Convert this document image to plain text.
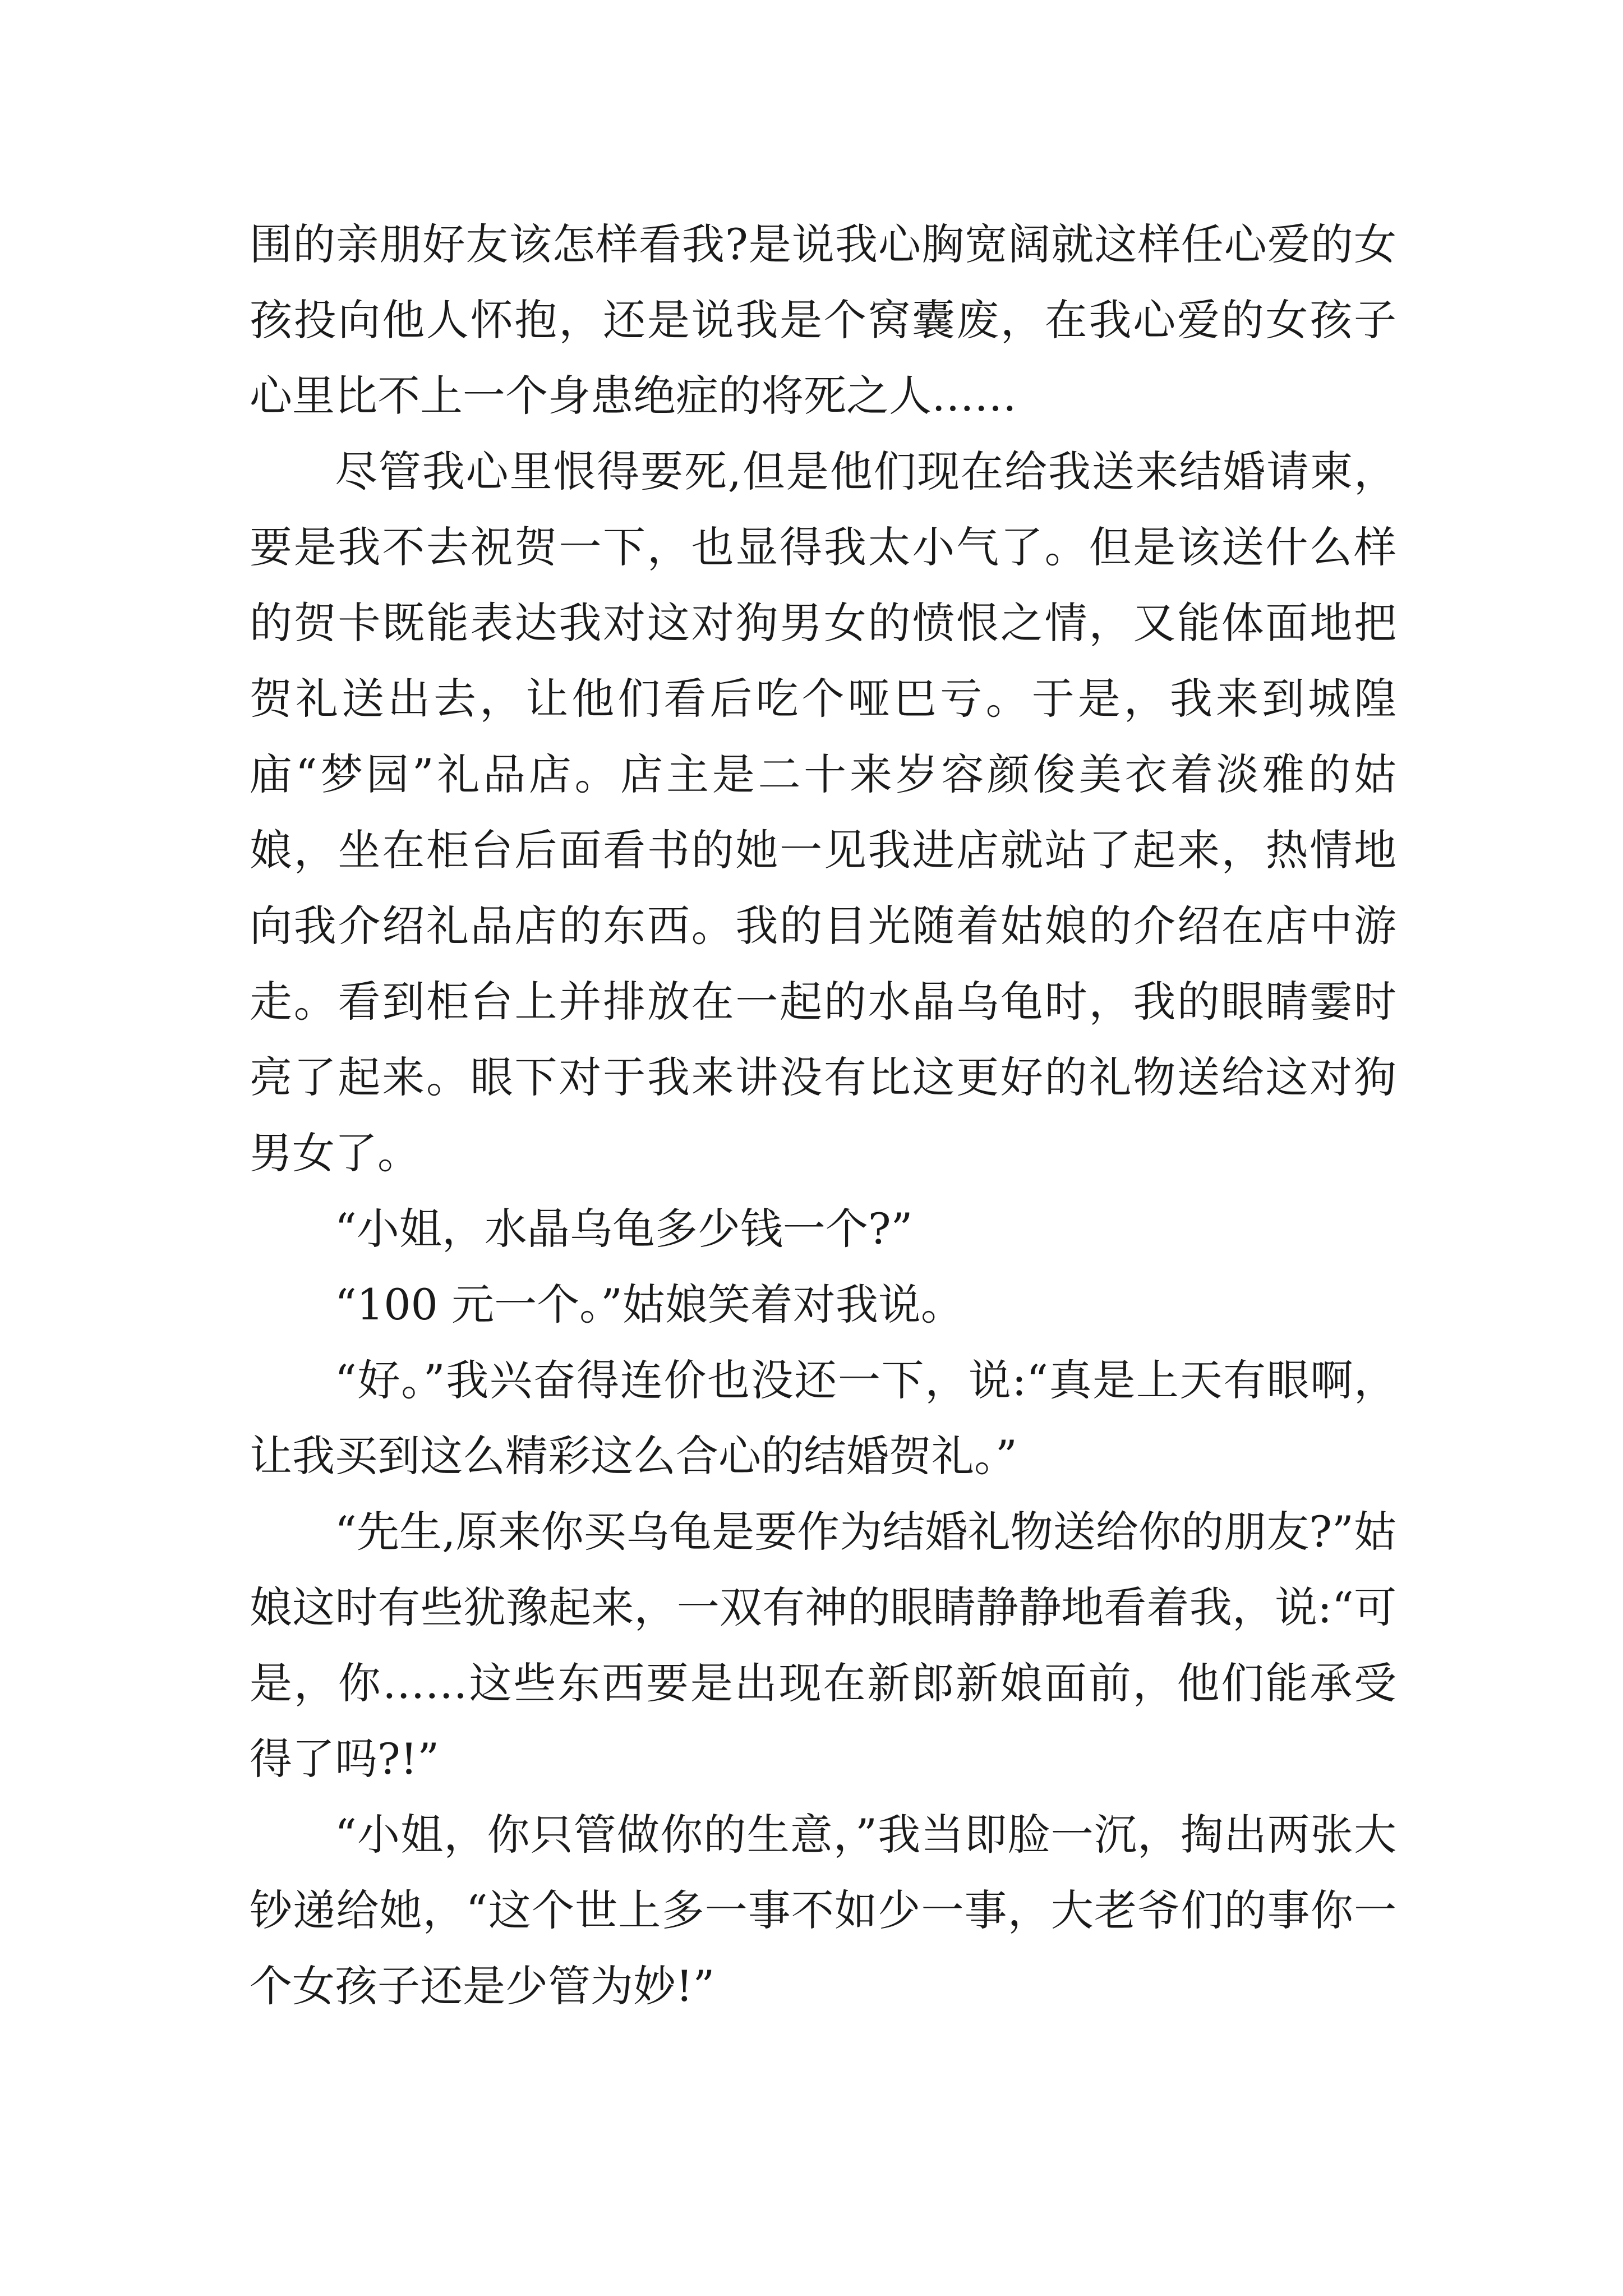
围的亲朋好友该怎样看我?是说我心胸宽阔就这样任心爱的女孩投向他人怀抱，还是说我是个窝囊废，在我心爱的女孩子心里比不上一个身患绝症的将死之人……

尽管我心里恨得要死,但是他们现在给我送来结婚请柬，要是我不去祝贺一下，也显得我太小气了。但是该送什么样的贺卡既能表达我对这对狗男女的愤恨之情，又能体面地把贺礼送出去，让他们看后吃个哑巴亏。于是，我来到城隍庙“梦园”礼品店。店主是二十来岁容颜俊美衣着淡雅的姑娘，坐在柜台后面看书的她一见我进店就站了起来，热情地向我介绍礼品店的东西。我的目光随着姑娘的介绍在店中游走。看到柜台上并排放在一起的水晶乌龟时，我的眼睛霎时亮了起来。眼下对于我来讲没有比这更好的礼物送给这对狗男女了。

“小姐，水晶乌龟多少钱一个?”

“100 元一个。”姑娘笑着对我说。

“好。”我兴奋得连价也没还一下，说:“真是上天有眼啊，让我买到这么精彩这么合心的结婚贺礼。”

“先生,原来你买乌龟是要作为结婚礼物送给你的朋友?”姑娘这时有些犹豫起来，一双有神的眼睛静静地看着我，说:“可是，你……这些东西要是出现在新郎新娘面前，他们能承受得了吗?!”

“小姐，你只管做你的生意，”我当即脸一沉，掏出两张大钞递给她，“这个世上多一事不如少一事，大老爷们的事你一个女孩子还是少管为妙!”
